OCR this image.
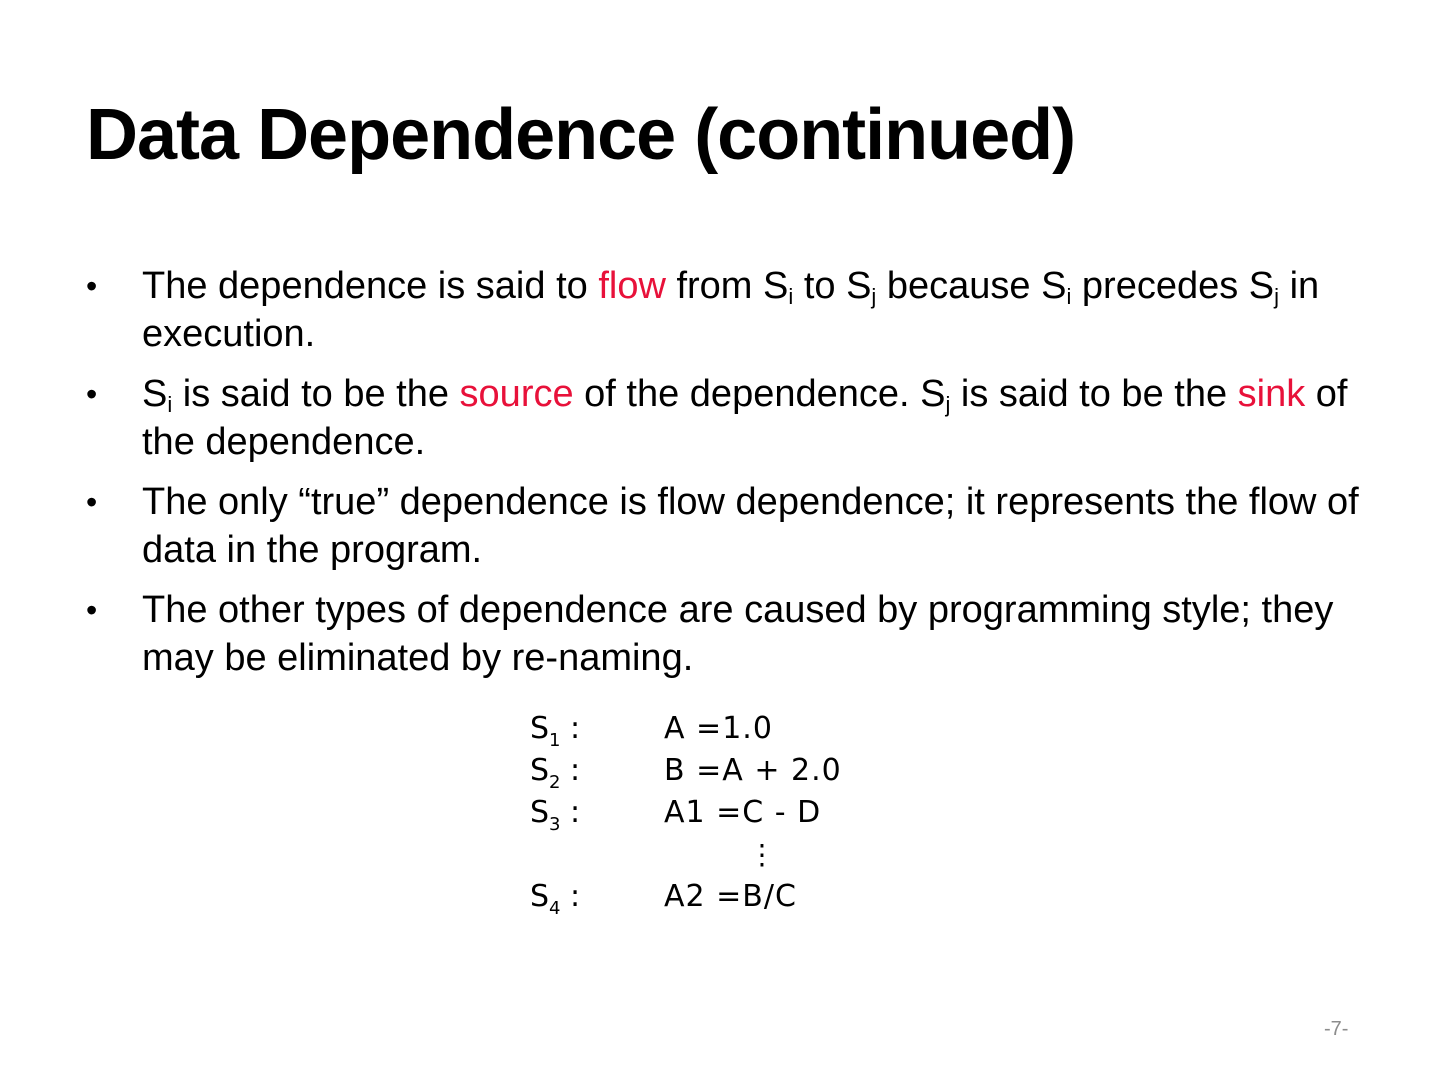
Data Dependence (continued)
• The dependence is said to flow from $S_i$ to $S_j$ because $S_i$ precedes $S_j$ in execution.
• $S_i$ is said to be the source of the dependence. $S_j$ is said to be the sink of the dependence.
• The only “true” dependence is flow dependence; it represents the flow of data in the program.
• The other types of dependence are caused by programming style; they may be eliminated by re-naming.
$S_1$ :	A =1.0
$S_2$ :	B =A + 2.0
$S_3$ :	A1 =C - D
⋮
$S_4$ :	A2 =B/C
-7-
